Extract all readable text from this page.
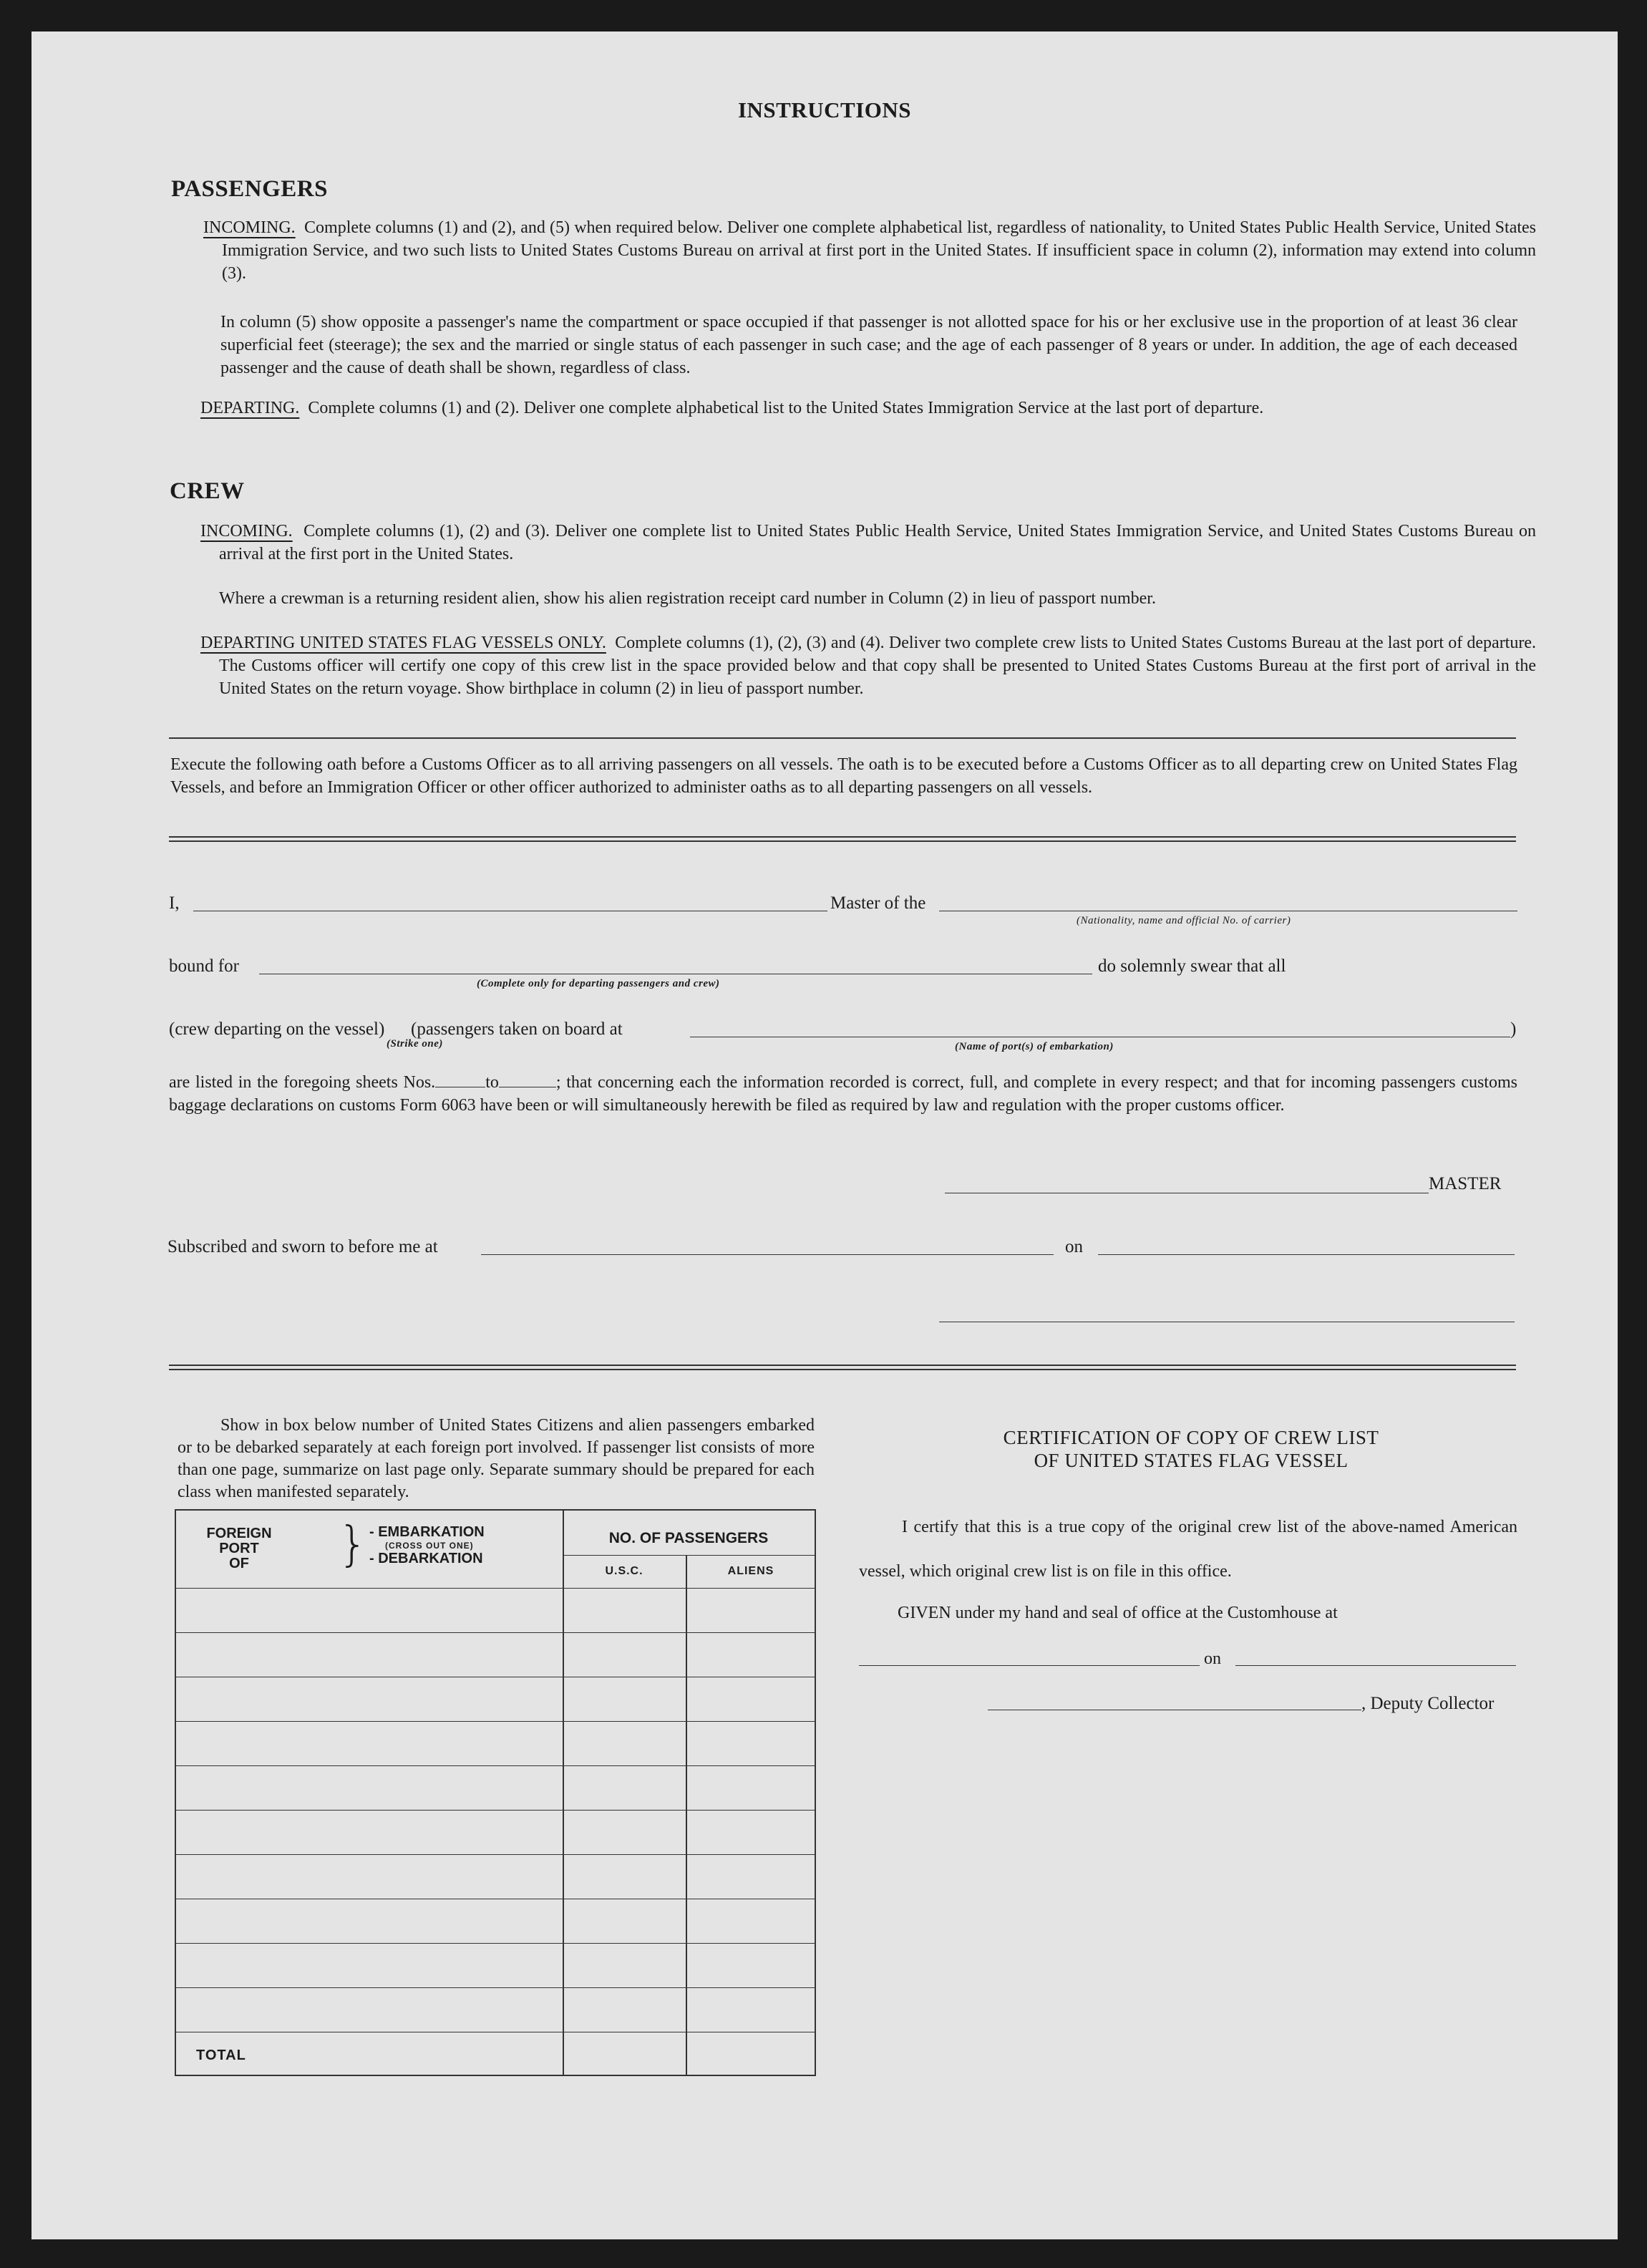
INSTRUCTIONS
PASSENGERS
INCOMING. Complete columns (1) and (2), and (5) when required below. Deliver one complete alphabetical list, regardless of nationality, to United States Public Health Service, United States Immigration Service, and two such lists to United States Customs Bureau on arrival at first port in the United States. If insufficient space in column (2), information may extend into column (3).
In column (5) show opposite a passenger's name the compartment or space occupied if that passenger is not allotted space for his or her exclusive use in the proportion of at least 36 clear superficial feet (steerage); the sex and the married or single status of each passenger in such case; and the age of each passenger of 8 years or under. In addition, the age of each deceased passenger and the cause of death shall be shown, regardless of class.
DEPARTING. Complete columns (1) and (2). Deliver one complete alphabetical list to the United States Immigration Service at the last port of departure.
CREW
INCOMING. Complete columns (1), (2) and (3). Deliver one complete list to United States Public Health Service, United States Immigration Service, and United States Customs Bureau on arrival at the first port in the United States.
Where a crewman is a returning resident alien, show his alien registration receipt card number in Column (2) in lieu of passport number.
DEPARTING UNITED STATES FLAG VESSELS ONLY. Complete columns (1), (2), (3) and (4). Deliver two complete crew lists to United States Customs Bureau at the last port of departure. The Customs officer will certify one copy of this crew list in the space provided below and that copy shall be presented to United States Customs Bureau at the first port of arrival in the United States on the return voyage. Show birthplace in column (2) in lieu of passport number.
Execute the following oath before a Customs Officer as to all arriving passengers on all vessels. The oath is to be executed before a Customs Officer as to all departing crew on United States Flag Vessels, and before an Immigration Officer or other officer authorized to administer oaths as to all departing passengers on all vessels.
I,	Master of the
(Nationality, name and official No. of carrier)
bound for	do solemnly swear that all
(Complete only for departing passengers and crew)
(crew departing on the vessel)
(Strike one)
(passengers taken on board at	)
(Name of port(s) of embarkation)
are listed in the foregoing sheets Nos.	to	; that concerning each the information recorded is correct, full, and complete in every respect; and that for incoming passengers customs baggage declarations on customs Form 6063 have been or will simultaneously herewith be filed as required by law and regulation with the proper customs officer.
MASTER
Subscribed and sworn to before me at	on
Show in box below number of United States Citizens and alien passengers embarked or to be debarked separately at each foreign port involved. If passenger list consists of more than one page, summarize on last page only. Separate summary should be prepared for each class when manifested separately.
FOREIGN
PORT
OF	} - EMBARKATION
(CROSS OUT ONE)
- DEBARKATION
NO. OF PASSENGERS
U.S.C.	ALIENS
TOTAL
CERTIFICATION OF COPY OF CREW LIST
OF UNITED STATES FLAG VESSEL
I certify that this is a true copy of the original crew list of the above-named American vessel, which original crew list is on file in this office.
GIVEN under my hand and seal of office at the Customhouse at
on
, Deputy Collector
